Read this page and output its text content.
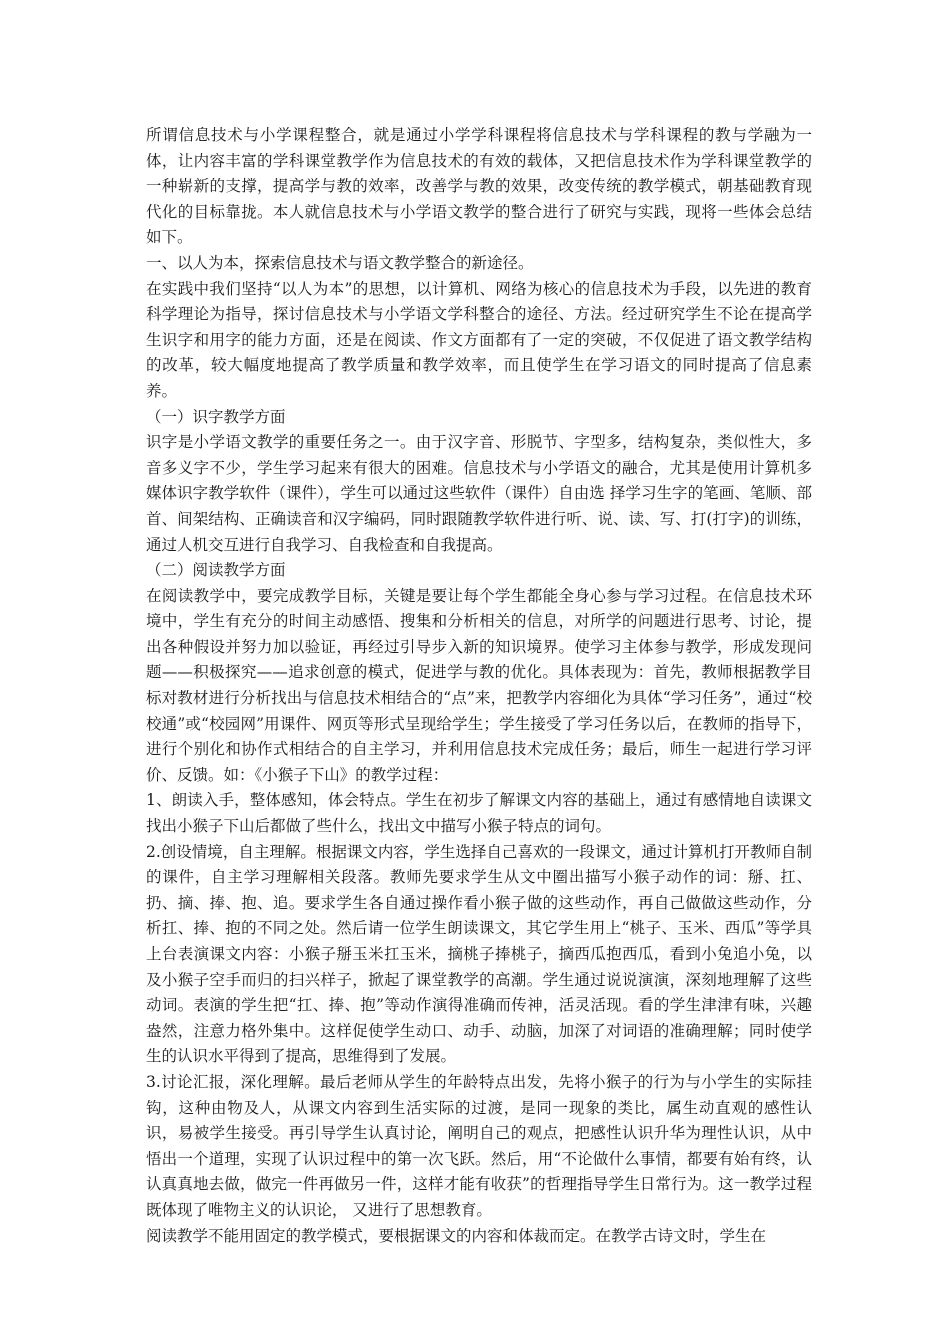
所谓信息技术与小学课程整合，就是通过小学学科课程将信息技术与学科课程的教与学融为一体，让内容丰富的学科课堂教学作为信息技术的有效的载体，又把信息技术作为学科课堂教学的一种崭新的支撑，提高学与教的效率，改善学与教的效果，改变传统的教学模式，朝基础教育现代化的目标靠拢。本人就信息技术与小学语文教学的整合进行了研究与实践，现将一些体会总结如下。

一、以人为本，探索信息技术与语文教学整合的新途径。

在实践中我们坚持“以人为本”的思想，以计算机、网络为核心的信息技术为手段，以先进的教育科学理论为指导，探讨信息技术与小学语文学科整合的途径、方法。经过研究学生不论在提高学生识字和用字的能力方面，还是在阅读、作文方面都有了一定的突破，不仅促进了语文教学结构的改革，较大幅度地提高了教学质量和教学效率，而且使学生在学习语文的同时提高了信息素养。

（一）识字教学方面

识字是小学语文教学的重要任务之一。由于汉字音、形脱节、字型多，结构复杂，类似性大，多音多义字不少，学生学习起来有很大的困难。信息技术与小学语文的融合，尤其是使用计算机多媒体识字教学软件（课件），学生可以通过这些软件（课件）自由选 择学习生字的笔画、笔顺、部首、间架结构、正确读音和汉字编码，同时跟随教学软件进行听、说、读、写、打(打字)的训练，通过人机交互进行自我学习、自我检查和自我提高。

（二）阅读教学方面

在阅读教学中，要完成教学目标，关键是要让每个学生都能全身心参与学习过程。在信息技术环境中，学生有充分的时间主动感悟、搜集和分析相关的信息，对所学的问题进行思考、讨论，提出各种假设并努力加以验证，再经过引导步入新的知识境界。使学习主体参与教学，形成发现问题——积极探究——追求创意的模式，促进学与教的优化。具体表现为：首先，教师根据教学目标对教材进行分析找出与信息技术相结合的“点”来，把教学内容细化为具体“学习任务”，通过“校校通”或“校园网”用课件、网页等形式呈现给学生；学生接受了学习任务以后，在教师的指导下，进行个别化和协作式相结合的自主学习，并利用信息技术完成任务；最后，师生一起进行学习评价、反馈。如：《小猴子下山》的教学过程：

1、朗读入手，整体感知，体会特点。学生在初步了解课文内容的基础上，通过有感情地自读课文找出小猴子下山后都做了些什么，找出文中描写小猴子特点的词句。

2.创设情境，自主理解。根据课文内容，学生选择自己喜欢的一段课文，通过计算机打开教师自制的课件，自主学习理解相关段落。教师先要求学生从文中圈出描写小猴子动作的词：掰、扛、扔、摘、捧、抱、追。要求学生各自通过操作看小猴子做的这些动作，再自己做做这些动作，分析扛、捧、抱的不同之处。然后请一位学生朗读课文，其它学生用上“桃子、玉米、西瓜”等学具上台表演课文内容：小猴子掰玉米扛玉米，摘桃子捧桃子，摘西瓜抱西瓜，看到小兔追小兔，以及小猴子空手而归的扫兴样子，掀起了课堂教学的高潮。学生通过说说演演，深刻地理解了这些动词。表演的学生把“扛、捧、抱”等动作演得准确而传神，活灵活现。看的学生津津有味，兴趣盎然，注意力格外集中。这样促使学生动口、动手、动脑，加深了对词语的准确理解；同时使学生的认识水平得到了提高，思维得到了发展。

3.讨论汇报，深化理解。最后老师从学生的年龄特点出发，先将小猴子的行为与小学生的实际挂钩，这种由物及人，从课文内容到生活实际的过渡，是同一现象的类比，属生动直观的感性认识，易被学生接受。再引导学生认真讨论，阐明自己的观点，把感性认识升华为理性认识，从中悟出一个道理，实现了认识过程中的第一次飞跃。然后，用“不论做什么事情，都要有始有终，认认真真地去做，做完一件再做另一件，这样才能有收获”的哲理指导学生日常行为。这一教学过程既体现了唯物主义的认识论， 又进行了思想教育。

阅读教学不能用固定的教学模式，要根据课文的内容和体裁而定。在教学古诗文时，学生在
